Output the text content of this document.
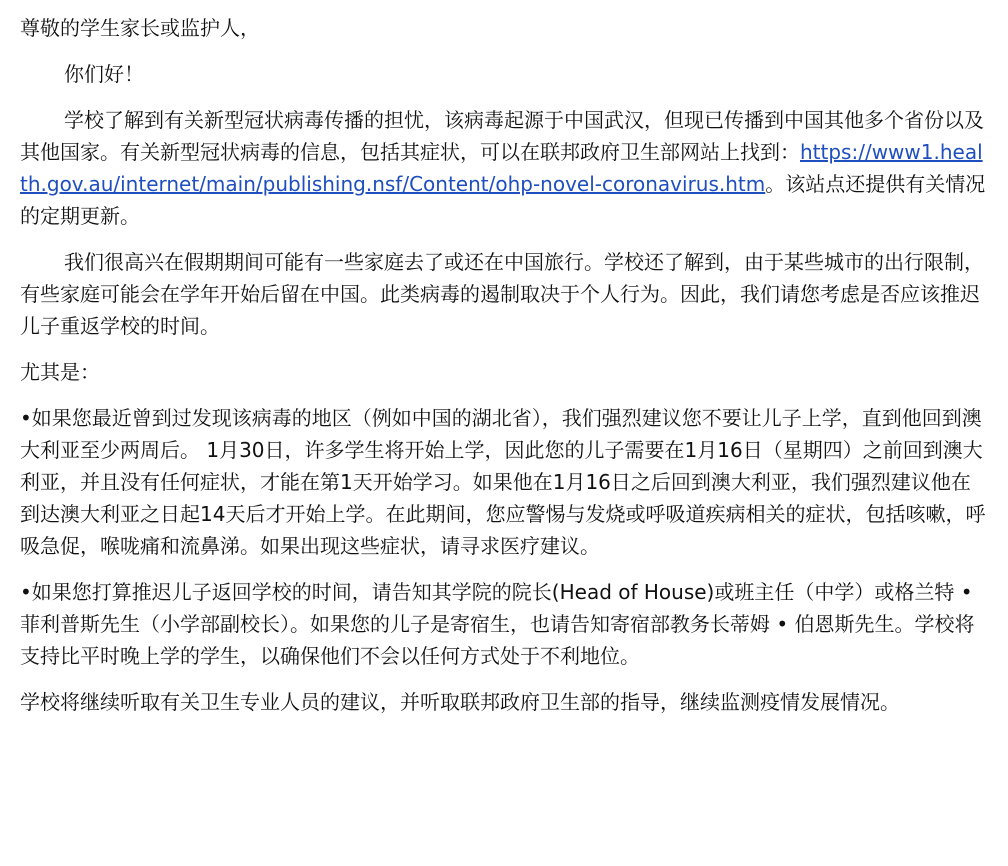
尊敬的学生家长或监护人，

你们好！

学校了解到有关新型冠状病毒传播的担忧，该病毒起源于中国武汉，但现已传播到中国其他多个省份以及其他国家。有关新型冠状病毒的信息，包括其症状，可以在联邦政府卫生部网站上找到：https://www1.health.gov.au/internet/main/publishing.nsf/Content/ohp-novel-coronavirus.htm。该站点还提供有关情况的定期更新。

我们很高兴在假期期间可能有一些家庭去了或还在中国旅行。学校还了解到，由于某些城市的出行限制，有些家庭可能会在学年开始后留在中国。此类病毒的遏制取决于个人行为。因此，我们请您考虑是否应该推迟儿子重返学校的时间。

尤其是：

•如果您最近曾到过发现该病毒的地区（例如中国的湖北省），我们强烈建议您不要让儿子上学，直到他回到澳大利亚至少两周后。 1月30日，许多学生将开始上学，因此您的儿子需要在1月16日（星期四）之前回到澳大利亚，并且没有任何症状，才能在第1天开始学习。如果他在1月16日之后回到澳大利亚，我们强烈建议他在到达澳大利亚之日起14天后才开始上学。在此期间，您应警惕与发烧或呼吸道疾病相关的症状，包括咳嗽，呼吸急促，喉咙痛和流鼻涕。如果出现这些症状，请寻求医疗建议。

•如果您打算推迟儿子返回学校的时间，请告知其学院的院长(Head of House)或班主任（中学）或格兰特 • 菲利普斯先生（小学部副校长）。如果您的儿子是寄宿生，也请告知寄宿部教务长蒂姆 • 伯恩斯先生。学校将支持比平时晚上学的学生，以确保他们不会以任何方式处于不利地位。

学校将继续听取有关卫生专业人员的建议，并听取联邦政府卫生部的指导，继续监测疫情发展情况。
